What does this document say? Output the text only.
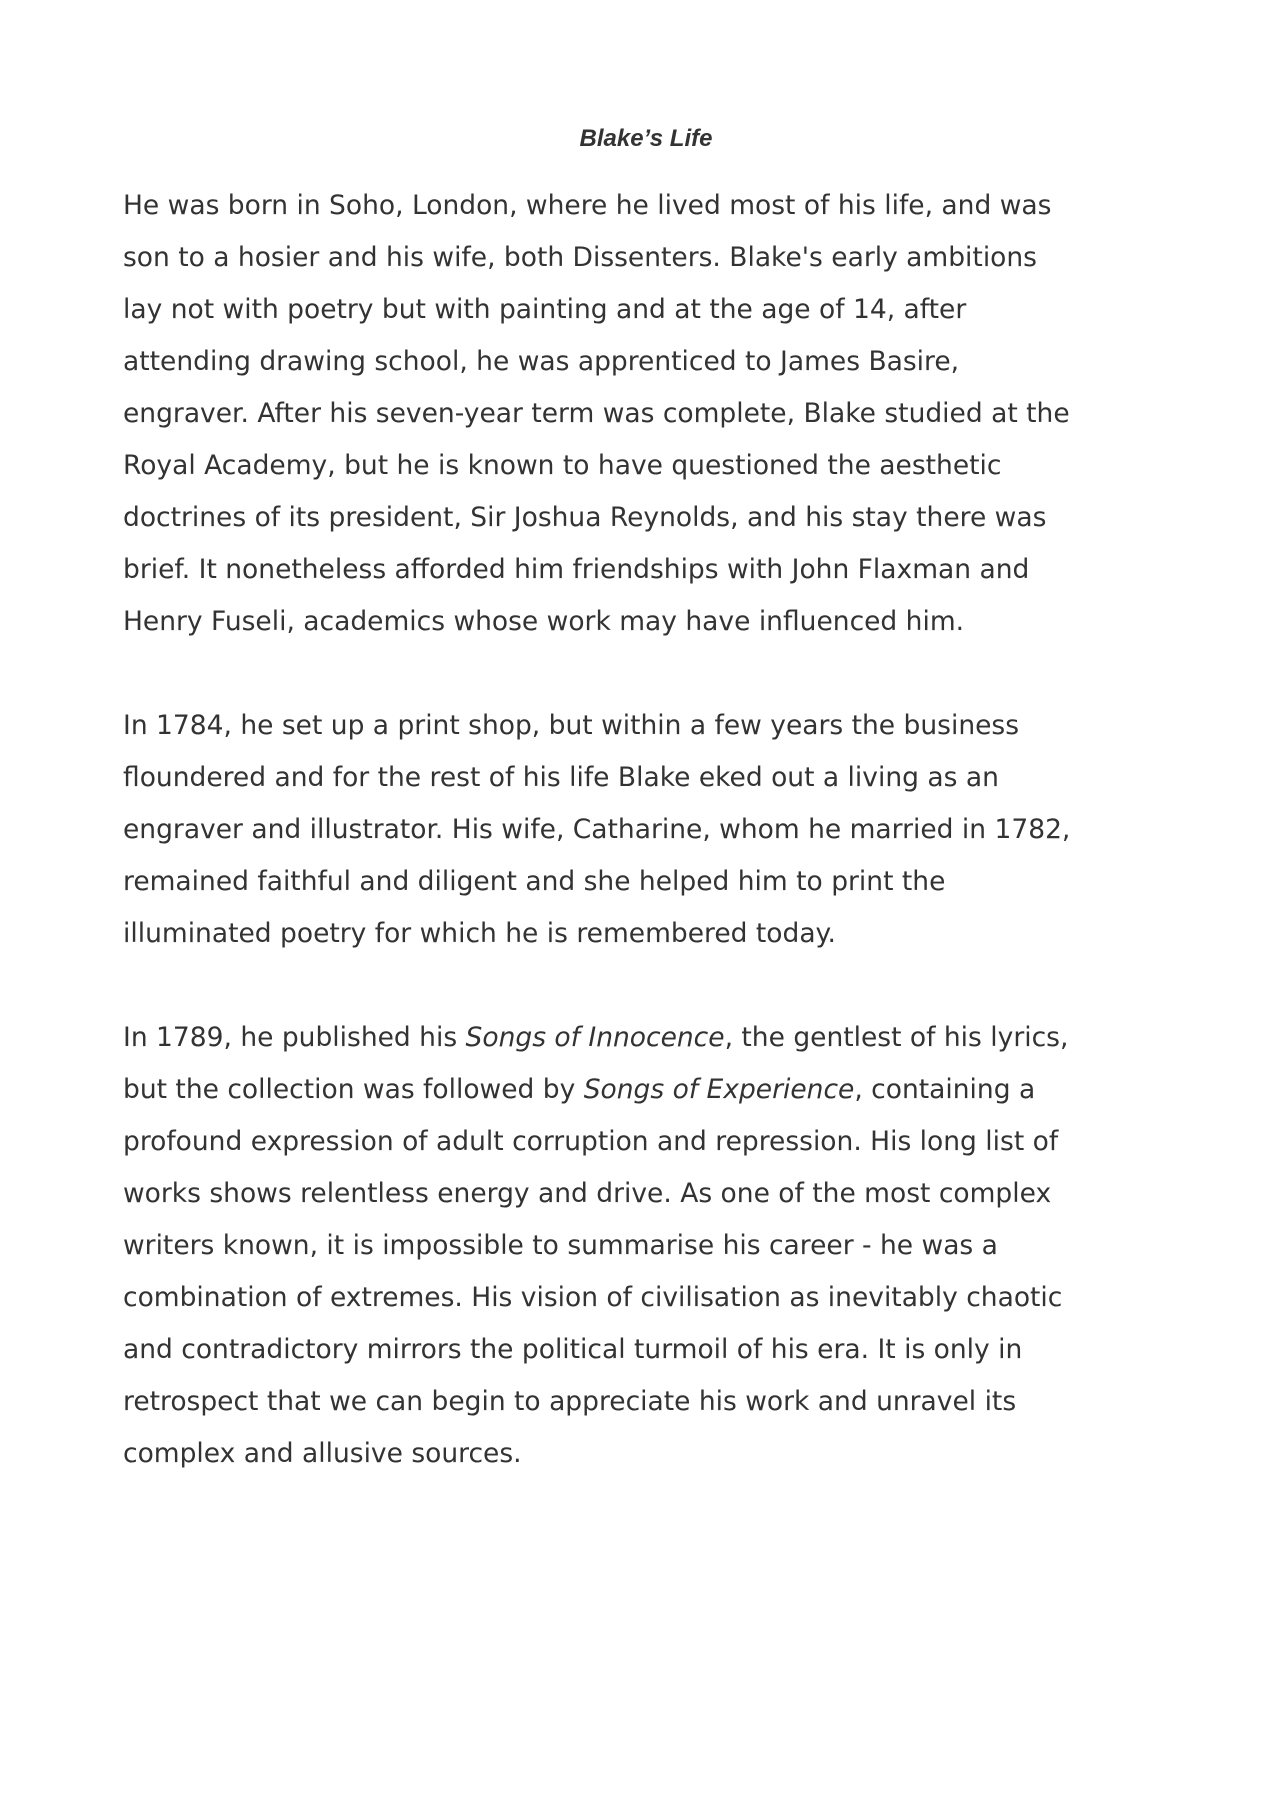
Blake’s Life

He was born in Soho, London, where he lived most of his life, and was
son to a hosier and his wife, both Dissenters. Blake's early ambitions
lay not with poetry but with painting and at the age of 14, after
attending drawing school, he was apprenticed to James Basire,
engraver. After his seven-year term was complete, Blake studied at the
Royal Academy, but he is known to have questioned the aesthetic
doctrines of its president, Sir Joshua Reynolds, and his stay there was
brief. It nonetheless afforded him friendships with John Flaxman and
Henry Fuseli, academics whose work may have influenced him.

In 1784, he set up a print shop, but within a few years the business
floundered and for the rest of his life Blake eked out a living as an
engraver and illustrator. His wife, Catharine, whom he married in 1782,
remained faithful and diligent and she helped him to print the
illuminated poetry for which he is remembered today.

In 1789, he published his Songs of Innocence, the gentlest of his lyrics,
but the collection was followed by Songs of Experience, containing a
profound expression of adult corruption and repression. His long list of
works shows relentless energy and drive. As one of the most complex
writers known, it is impossible to summarise his career - he was a
combination of extremes. His vision of civilisation as inevitably chaotic
and contradictory mirrors the political turmoil of his era. It is only in
retrospect that we can begin to appreciate his work and unravel its
complex and allusive sources.
